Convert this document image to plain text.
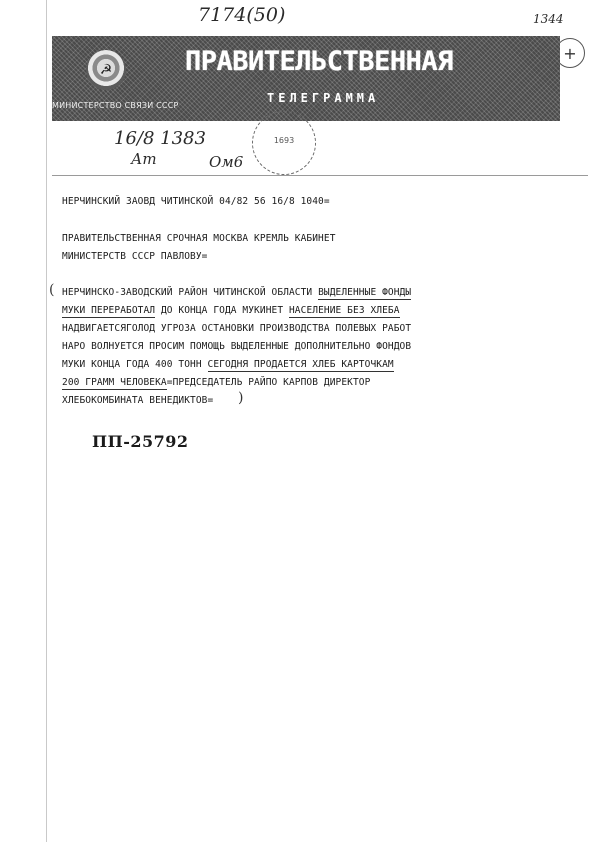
7174(50)	1344
+
☭
МИНИСТЕРСТВО СВЯЗИ СССР
ПРАВИТЕЛЬСТВЕННАЯ
ТЕЛЕГРАММА
1693
16/8 1383
Ат	Ом6
НЕРЧИНСКИЙ ЗАОВД ЧИТИНСКОЙ 04/82 56 16/8 1040=
ПРАВИТЕЛЬСТВЕННАЯ СРОЧНАЯ МОСКВА КРЕМЛЬ КАБИНЕТ
МИНИСТЕРСТВ СССР ПАВЛОВУ=
( НЕРЧИНСКО-ЗАВОДСКИЙ РАЙОН ЧИТИНСКОЙ ОБЛАСТИ ВЫДЕЛЕННЫЕ ФОНДЫ
МУКИ ПЕРЕРАБОТАЛ ДО КОНЦА ГОДА МУКИНЕТ НАСЕЛЕНИЕ БЕЗ ХЛЕБА
НАДВИГАЕТСЯГОЛОД УГРОЗА ОСТАНОВКИ ПРОИЗВОДСТВА ПОЛЕВЫХ РАБОТ
НАРО ВОЛНУЕТСЯ ПРОСИМ ПОМОЩЬ ВЫДЕЛЕННЫЕ ДОПОЛНИТЕЛЬНО ФОНДОВ
МУКИ КОНЦА ГОДА 400 ТОНН СЕГОДНЯ ПРОДАЕТСЯ ХЛЕБ КАРТОЧКАМ
200 ГРАММ ЧЕЛОВЕКА=ПРЕДСЕДАТЕЛЬ РАЙПО КАРПОВ ДИРЕКТОР
ХЛЕБОКОМБИНАТА ВЕНЕДИКТОВ= )
ПП-25792
